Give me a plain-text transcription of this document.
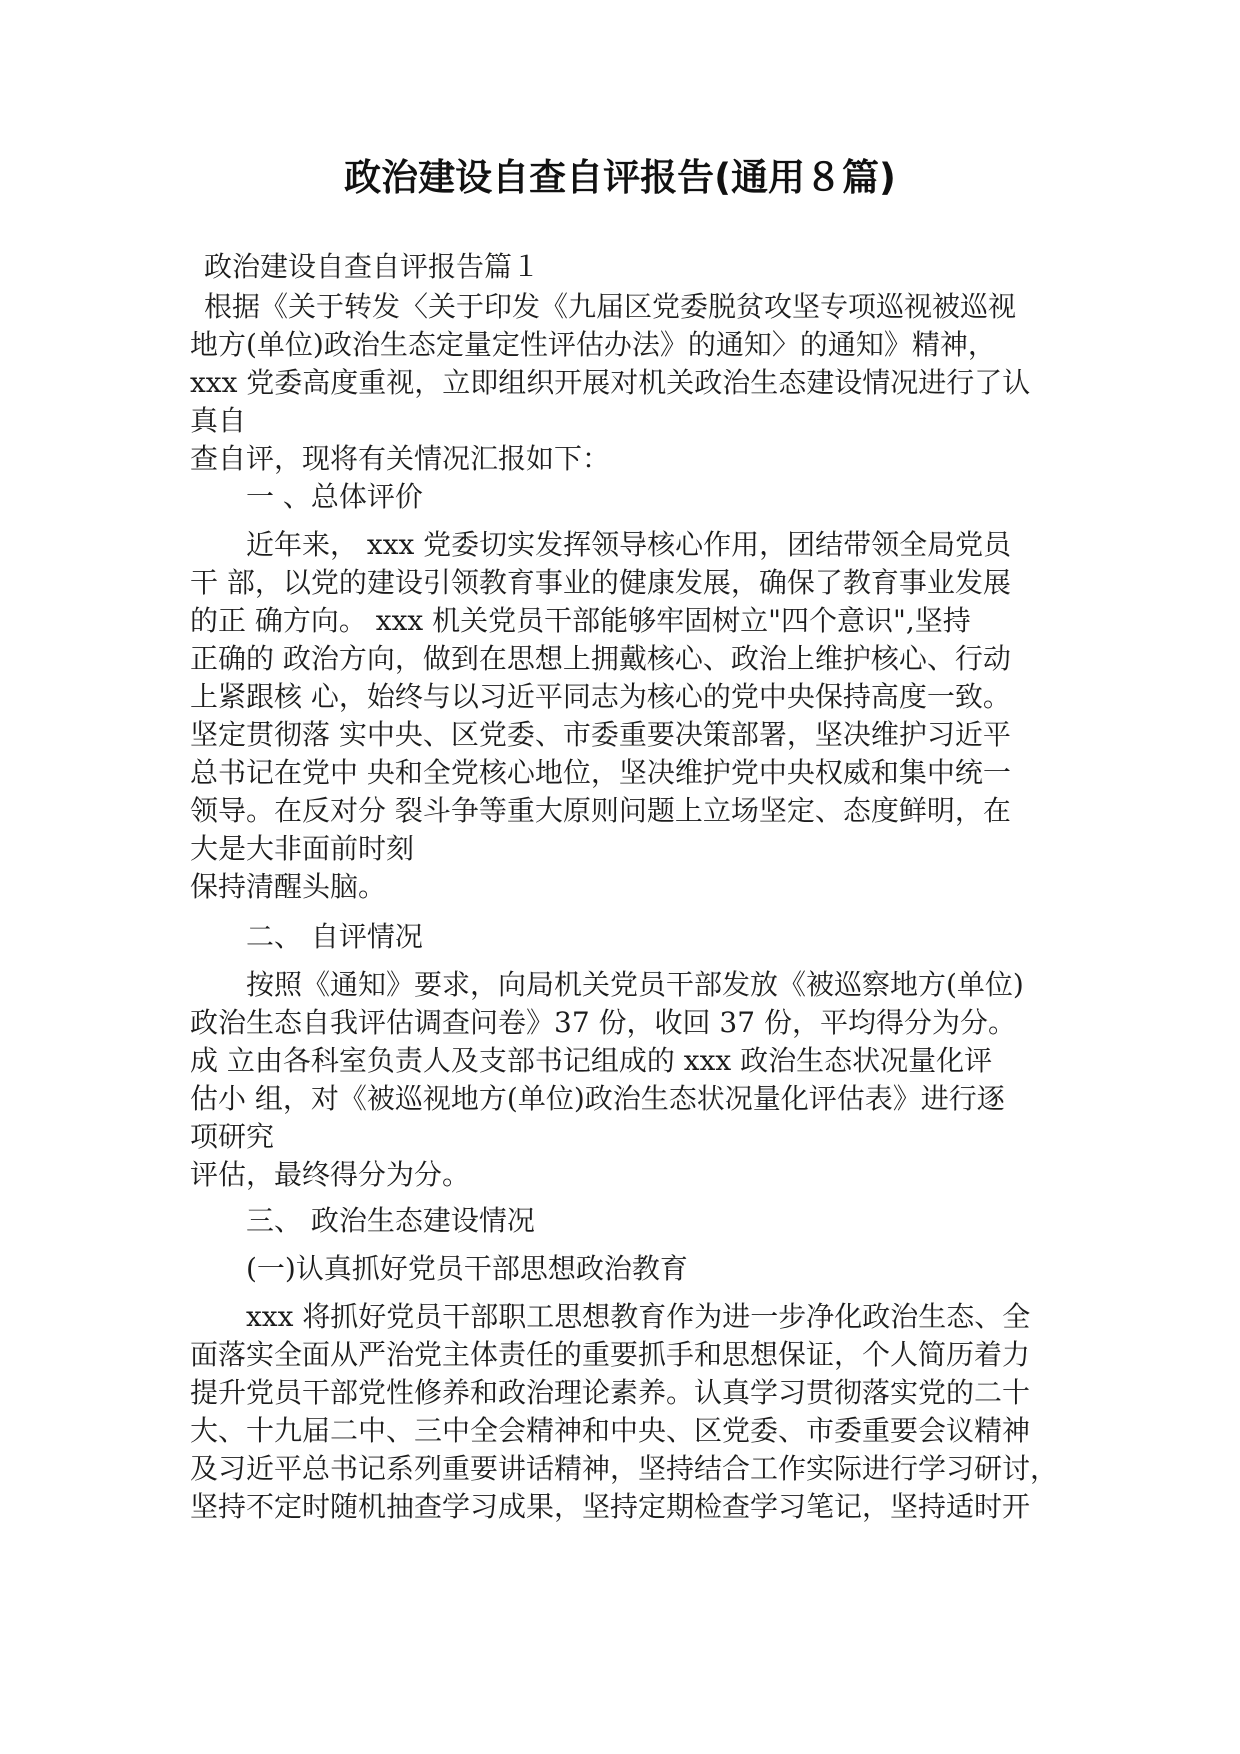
政治建设自查自评报告(通用８篇)
政治建设自查自评报告篇１
根据《关于转发〈关于印发《九届区党委脱贫攻坚专项巡视被巡视
地方(单位)政治生态定量定性评估办法》的通知〉的通知》精神，
xxx 党委高度重视，立即组织开展对机关政治生态建设情况进行了认
真自
查自评，现将有关情况汇报如下：
一 、总体评价
近年来， xxx 党委切实发挥领导核心作用，团结带领全局党员
干 部，以党的建设引领教育事业的健康发展，确保了教育事业发展
的正 确方向。 xxx 机关党员干部能够牢固树立"四个意识",坚持
正确的 政治方向，做到在思想上拥戴核心、政治上维护核心、行动
上紧跟核 心，始终与以习近平同志为核心的党中央保持高度一致。
坚定贯彻落 实中央、区党委、市委重要决策部署，坚决维护习近平
总书记在党中 央和全党核心地位，坚决维护党中央权威和集中统一
领导。在反对分 裂斗争等重大原则问题上立场坚定、态度鲜明，在
大是大非面前时刻
保持清醒头脑。
二、 自评情况
按照《通知》要求，向局机关党员干部发放《被巡察地方(单位)
政治生态自我评估调查问卷》37 份，收回 37 份，平均得分为分。
成 立由各科室负责人及支部书记组成的 xxx 政治生态状况量化评
估小 组，对《被巡视地方(单位)政治生态状况量化评估表》进行逐
项研究
评估，最终得分为分。
三、 政治生态建设情况
(一)认真抓好党员干部思想政治教育
xxx 将抓好党员干部职工思想教育作为进一步净化政治生态、全
面落实全面从严治党主体责任的重要抓手和思想保证，个人简历着力
提升党员干部党性修养和政治理论素养。认真学习贯彻落实党的二十
大、十九届二中、三中全会精神和中央、区党委、市委重要会议精神
及习近平总书记系列重要讲话精神，坚持结合工作实际进行学习研讨，
坚持不定时随机抽查学习成果，坚持定期检查学习笔记，坚持适时开
